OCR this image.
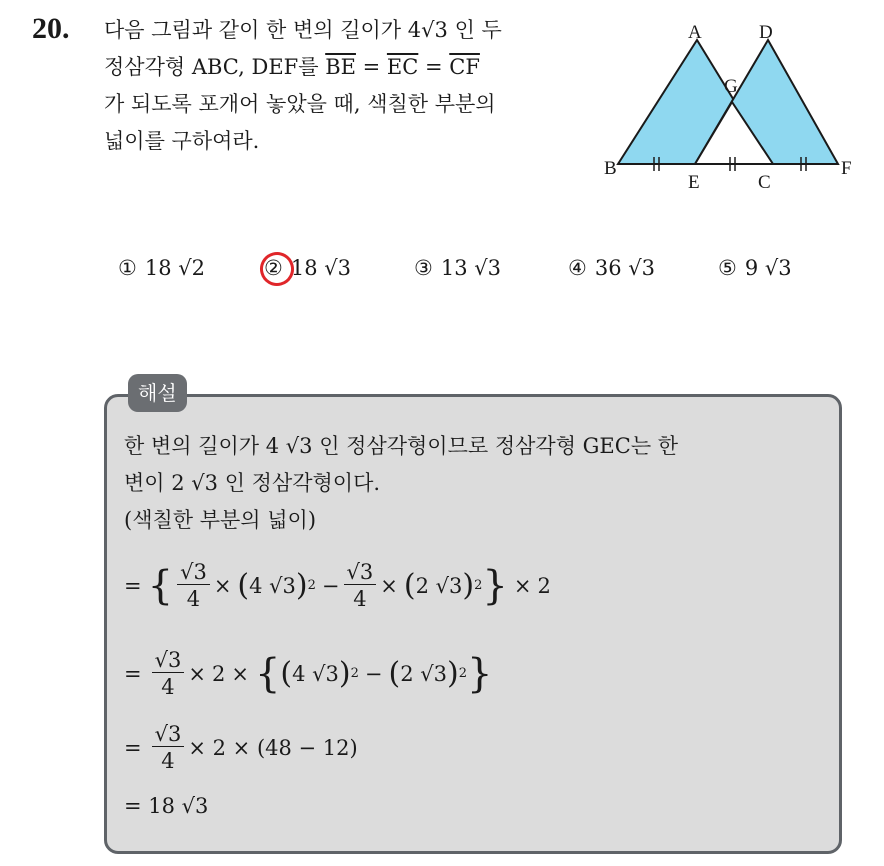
20. 다음 그림과 같이 한 변의 길이가 4√3 인 두
정삼각형 ABC, DEF를 $\overline{BE} = \overline{EC} = \overline{CF}$
가 되도록 포개어 놓았을 때, 색칠한 부분의
넓이를 구하여라.
A	D
G
B
E	C
F
① 18 √2	② 18 √3	③ 13 √3	④ 36 √3	⑤ 9 √3
해설
한 변의 길이가 4 √3 인 정삼각형이므로 정삼각형 GEC는 한
변이 2 √3 인 정삼각형이다.
(색칠한 부분의 넓이)
= { $\frac{√3}{4}$ × ( 4 √3 ) $2 - \frac{√3}{4}$ × ( 2 √3 ) 2 } × 2
= $\frac{√3}{4} \times 2$ × { ( 4 √3 ) 2 − ( 2 √3 ) 2 }
= $\frac{√3}{4} \times 2 \times (48 - 12)$
= 18 √3
